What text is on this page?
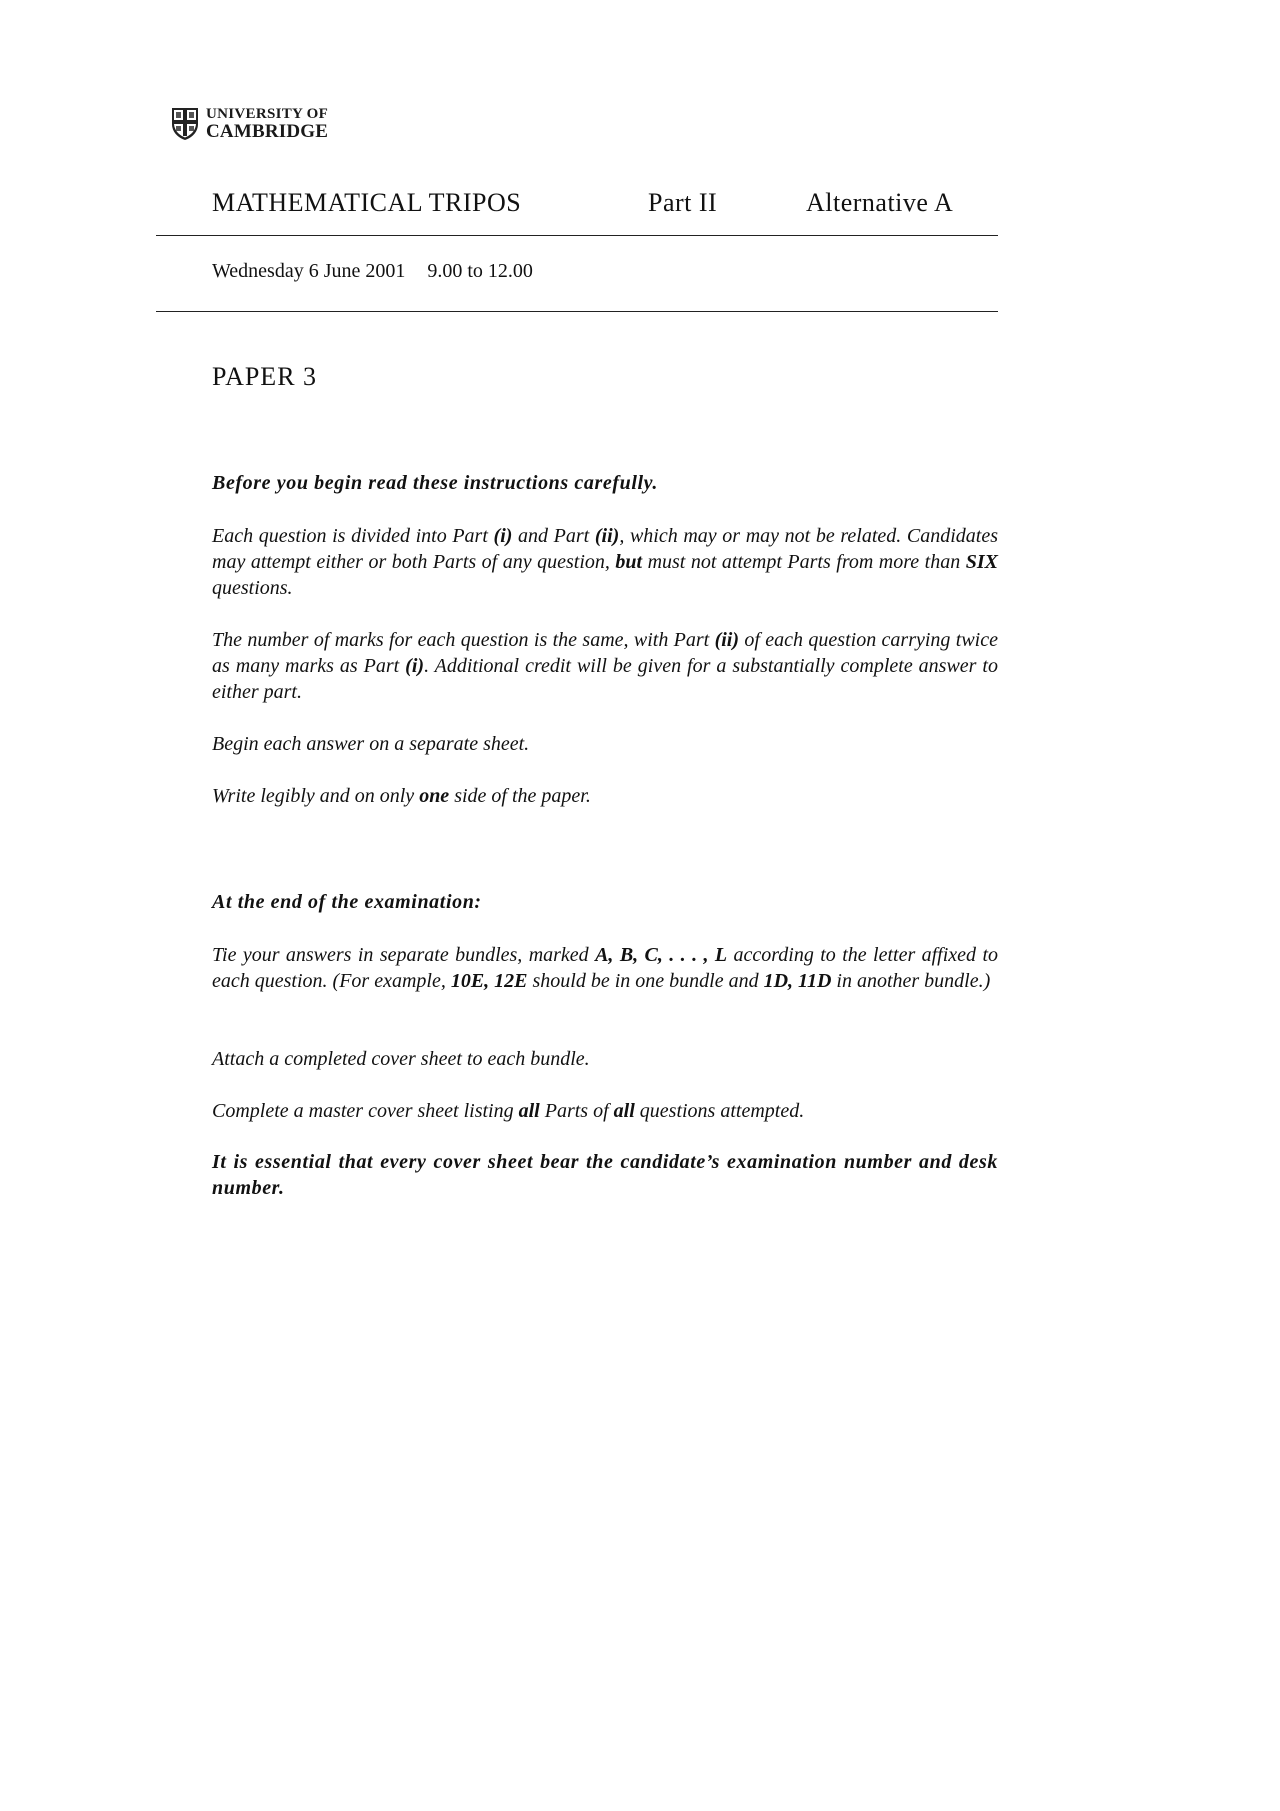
UNIVERSITY OF
CAMBRIDGE
MATHEMATICAL TRIPOS	Part II	Alternative A
Wednesday 6 June 2001 9.00 to 12.00
PAPER 3
Before you begin read these instructions carefully.
Each question is divided into Part (i) and Part (ii), which may or may not be related. Candidates may attempt either or both Parts of any question, but must not attempt Parts from more than SIX questions.
The number of marks for each question is the same, with Part (ii) of each question carrying twice as many marks as Part (i). Additional credit will be given for a substantially complete answer to either part.
Begin each answer on a separate sheet.
Write legibly and on only one side of the paper.
At the end of the examination:
Tie your answers in separate bundles, marked A, B, C, . . . , L according to the letter affixed to each question. (For example, 10E, 12E should be in one bundle and 1D, 11D in another bundle.)
Attach a completed cover sheet to each bundle.
Complete a master cover sheet listing all Parts of all questions attempted.
It is essential that every cover sheet bear the candidate’s examination number and desk number.
